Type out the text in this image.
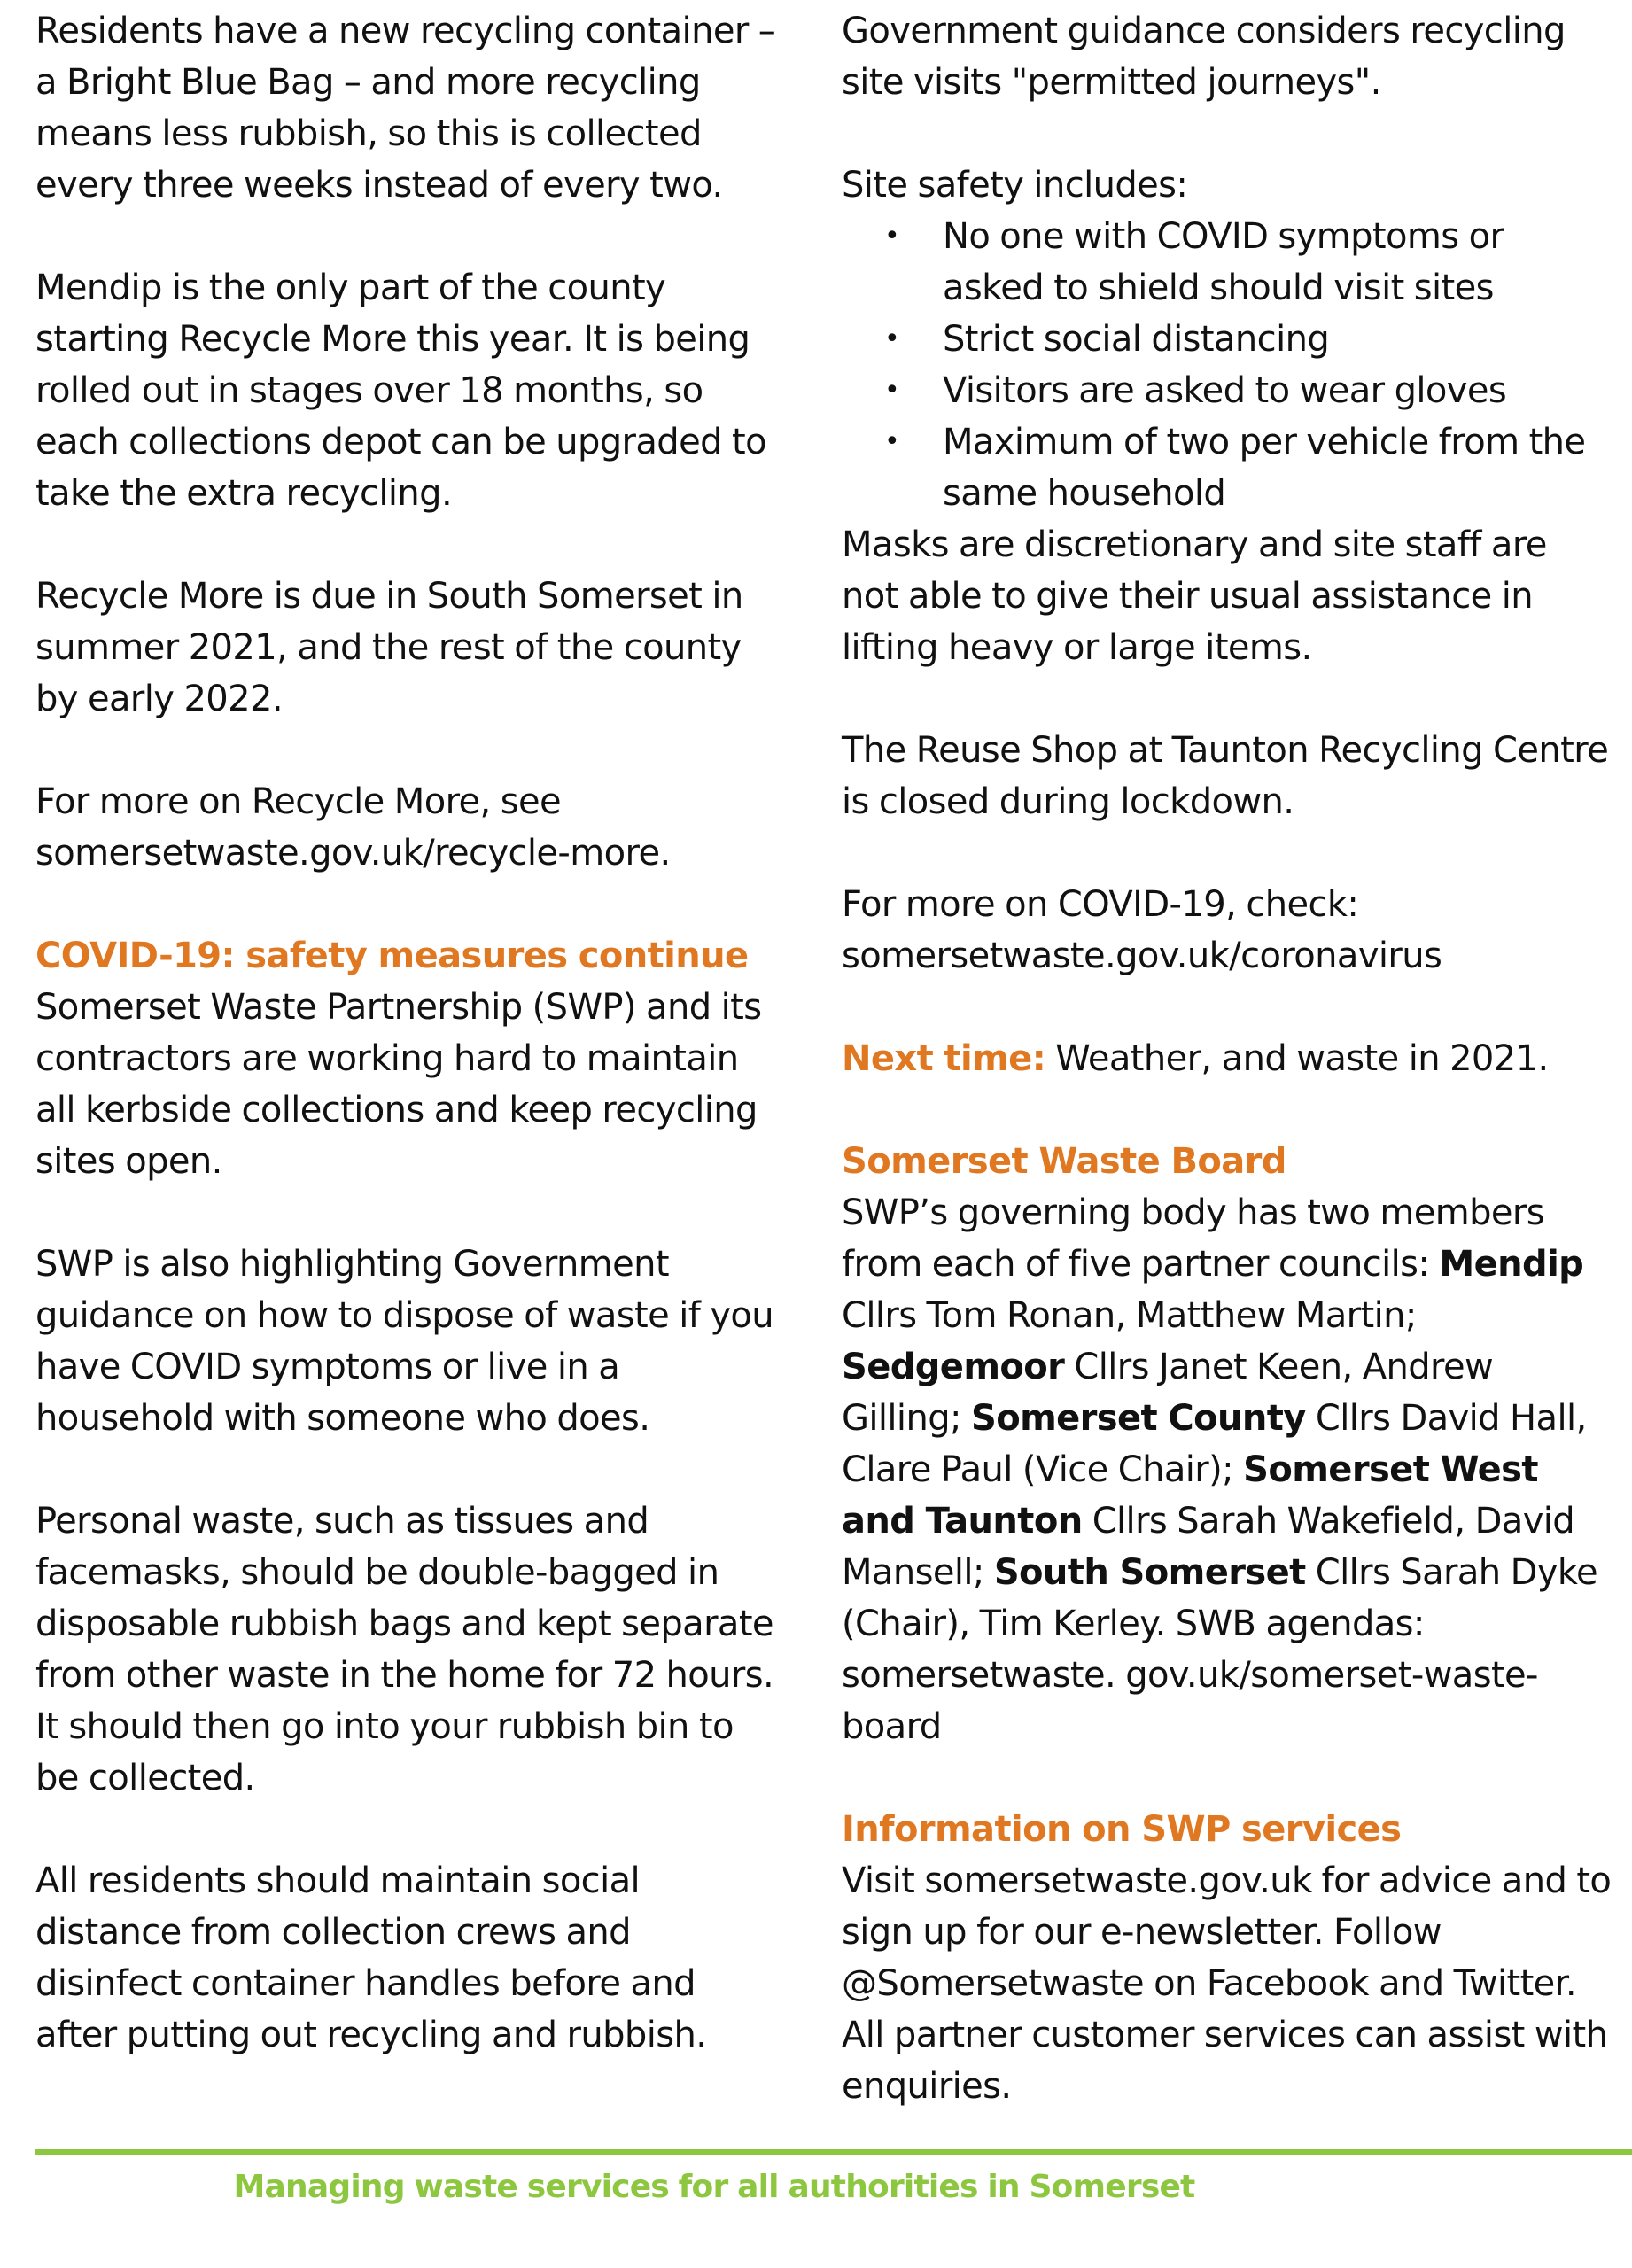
Residents have a new recycling container – a Bright Blue Bag – and more recycling means less rubbish, so this is collected every three weeks instead of every two.

Mendip is the only part of the county starting Recycle More this year. It is being rolled out in stages over 18 months, so each collections depot can be upgraded to take the extra recycling.

Recycle More is due in South Somerset in summer 2021, and the rest of the county by early 2022.

For more on Recycle More, see
somersetwaste.gov.uk/recycle-more.

COVID-19: safety measures continue

Somerset Waste Partnership (SWP) and its contractors are working hard to maintain all kerbside collections and keep recycling sites open.

SWP is also highlighting Government guidance on how to dispose of waste if you have COVID symptoms or live in a household with someone who does.

Personal waste, such as tissues and facemasks, should be double-bagged in disposable rubbish bags and kept separate from other waste in the home for 72 hours. It should then go into your rubbish bin to be collected.

All residents should maintain social distance from collection crews and disinfect container handles before and after putting out recycling and rubbish.

Government guidance considers recycling site visits "permitted journeys".

Site safety includes:

• No one with COVID symptoms or asked to shield should visit sites
• Strict social distancing
• Visitors are asked to wear gloves
• Maximum of two per vehicle from the same household

Masks are discretionary and site staff are not able to give their usual assistance in lifting heavy or large items.

The Reuse Shop at Taunton Recycling Centre is closed during lockdown.

For more on COVID-19, check:
somersetwaste.gov.uk/coronavirus

Next time: Weather, and waste in 2021.

Somerset Waste Board

SWP’s governing body has two members from each of five partner councils: Mendip Cllrs Tom Ronan, Matthew Martin; Sedgemoor Cllrs Janet Keen, Andrew Gilling; Somerset County Cllrs David Hall, Clare Paul (Vice Chair); Somerset West and Taunton Cllrs Sarah Wakefield, David Mansell; South Somerset Cllrs Sarah Dyke (Chair), Tim Kerley. SWB agendas: somersetwaste. gov.uk/somerset-waste-board

Information on SWP services

Visit somersetwaste.gov.uk for advice and to sign up for our e-newsletter. Follow @Somersetwaste on Facebook and Twitter. All partner customer services can assist with enquiries.

Managing waste services for all authorities in Somerset
